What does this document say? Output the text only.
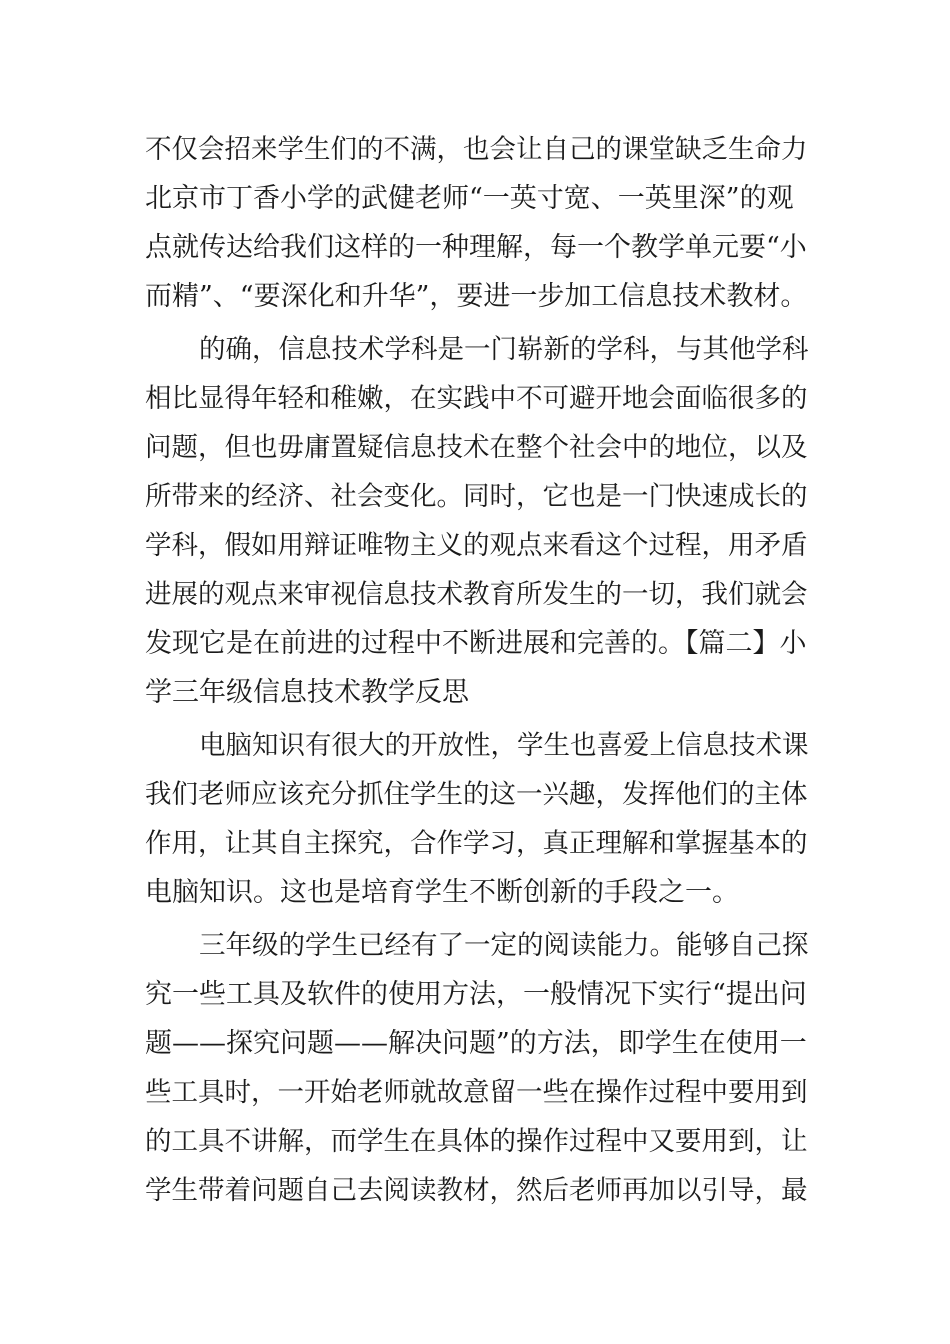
不仅会招来学生们的不满，也会让自己的课堂缺乏生命力
北京市丁香小学的武健老师“一英寸宽、一英里深”的观
点就传达给我们这样的一种理解，每一个教学单元要“小
而精”、“要深化和升华”，要进一步加工信息技术教材。
的确，信息技术学科是一门崭新的学科，与其他学科
相比显得年轻和稚嫩，在实践中不可避开地会面临很多的
问题，但也毋庸置疑信息技术在整个社会中的地位，以及
所带来的经济、社会变化。同时，它也是一门快速成长的
学科，假如用辩证唯物主义的观点来看这个过程，用矛盾
进展的观点来审视信息技术教育所发生的一切，我们就会
发现它是在前进的过程中不断进展和完善的。【篇二】小
学三年级信息技术教学反思
电脑知识有很大的开放性，学生也喜爱上信息技术课
我们老师应该充分抓住学生的这一兴趣，发挥他们的主体
作用，让其自主探究，合作学习，真正理解和掌握基本的
电脑知识。这也是培育学生不断创新的手段之一。
三年级的学生已经有了一定的阅读能力。能够自己探
究一些工具及软件的使用方法，一般情况下实行“提出问
题——探究问题——解决问题”的方法，即学生在使用一
些工具时，一开始老师就故意留一些在操作过程中要用到
的工具不讲解，而学生在具体的操作过程中又要用到，让
学生带着问题自己去阅读教材，然后老师再加以引导，最
